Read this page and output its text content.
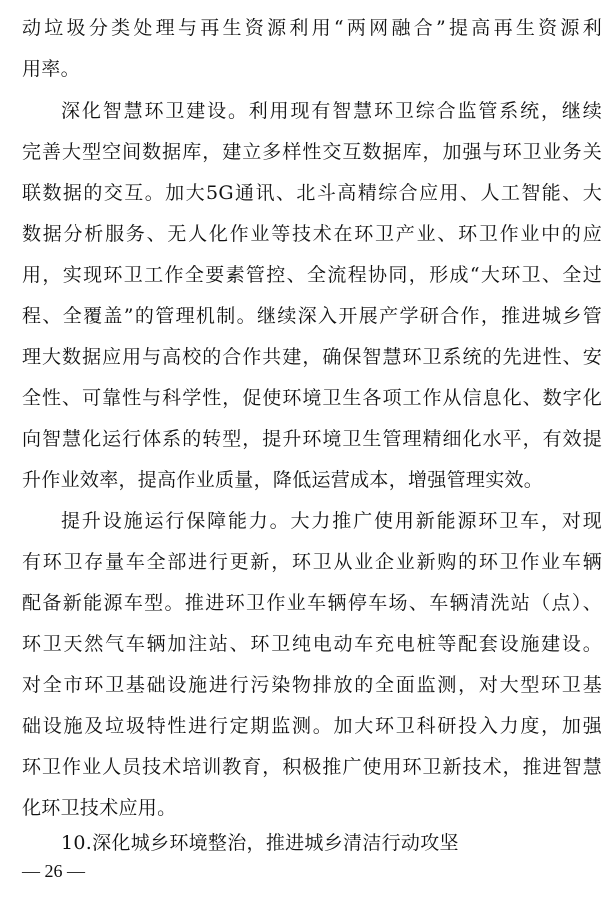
动垃圾分类处理与再生资源利用“两网融合”提高再生资源利
用率。
深化智慧环卫建设。利用现有智慧环卫综合监管系统，继续
完善大型空间数据库，建立多样性交互数据库，加强与环卫业务关
联数据的交互。加大5G通讯、北斗高精综合应用、人工智能、大
数据分析服务、无人化作业等技术在环卫产业、环卫作业中的应
用，实现环卫工作全要素管控、全流程协同，形成“大环卫、全过
程、全覆盖”的管理机制。继续深入开展产学研合作，推进城乡管
理大数据应用与高校的合作共建，确保智慧环卫系统的先进性、安
全性、可靠性与科学性，促使环境卫生各项工作从信息化、数字化
向智慧化运行体系的转型，提升环境卫生管理精细化水平，有效提
升作业效率，提高作业质量，降低运营成本，增强管理实效。
提升设施运行保障能力。大力推广使用新能源环卫车，对现
有环卫存量车全部进行更新，环卫从业企业新购的环卫作业车辆
配备新能源车型。推进环卫作业车辆停车场、车辆清洗站（点）、
环卫天然气车辆加注站、环卫纯电动车充电桩等配套设施建设。
对全市环卫基础设施进行污染物排放的全面监测，对大型环卫基
础设施及垃圾特性进行定期监测。加大环卫科研投入力度，加强
环卫作业人员技术培训教育，积极推广使用环卫新技术，推进智慧
化环卫技术应用。
10.深化城乡环境整治，推进城乡清洁行动攻坚
— 26 —
